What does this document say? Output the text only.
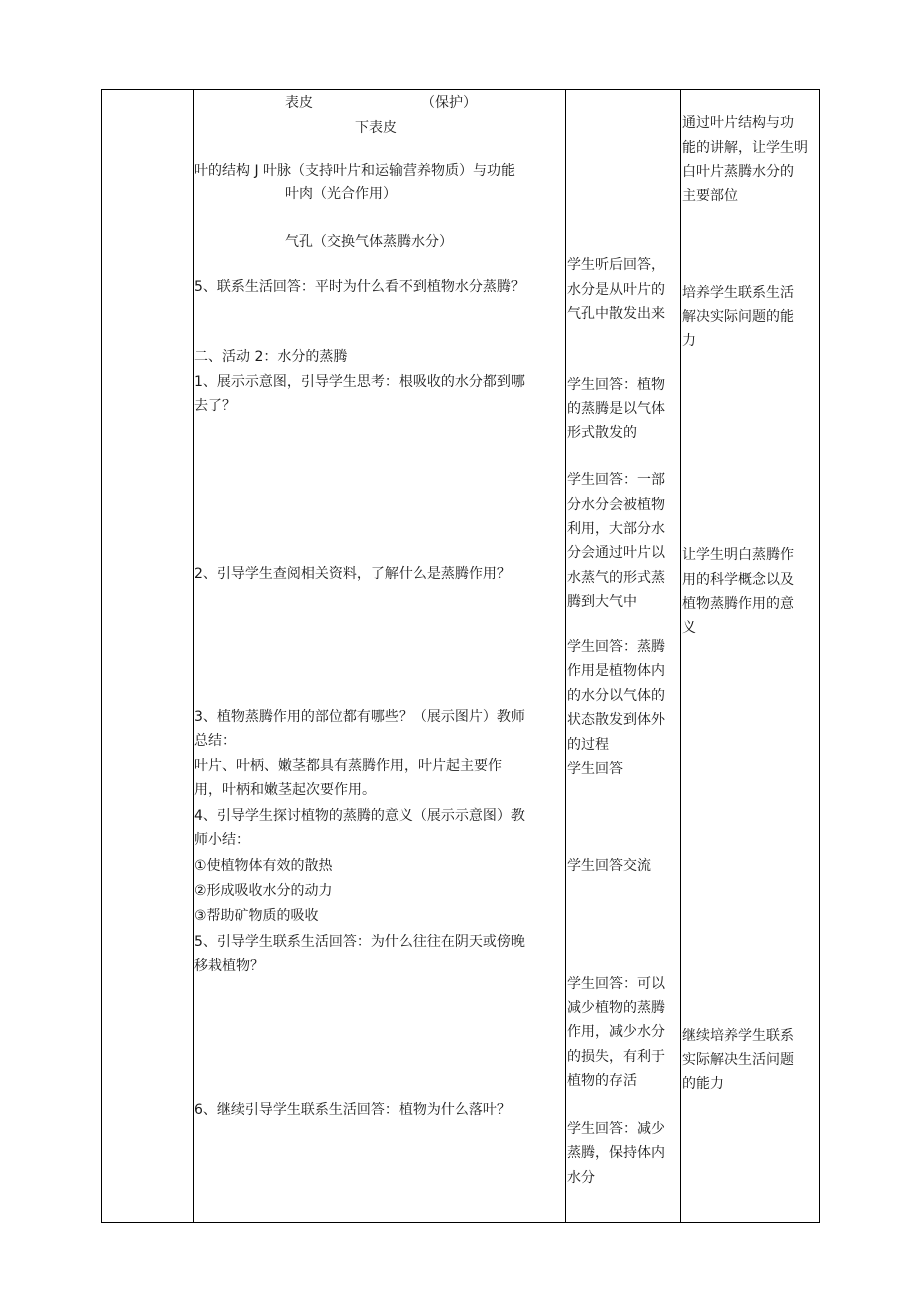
表皮	（保护）
下表皮
叶的结构 J 叶脉（支持叶片和运输营养物质）与功能
叶肉（光合作用）
气孔（交换气体蒸腾水分）
5、联系生活回答：平时为什么看不到植物水分蒸腾？
二、活动 2：水分的蒸腾
1、展示示意图，引导学生思考：根吸收的水分都到哪
去了？
2、引导学生查阅相关资料，了解什么是蒸腾作用？
3、植物蒸腾作用的部位都有哪些？（展示图片）教师
总结：
叶片、叶柄、嫩茎都具有蒸腾作用，叶片起主要作
用，叶柄和嫩茎起次要作用。
4、引导学生探讨植物的蒸腾的意义（展示示意图）教
师小结：
①使植物体有效的散热
②形成吸收水分的动力
③帮助矿物质的吸收
5、引导学生联系生活回答：为什么往往在阴天或傍晚
移栽植物？
6、继续引导学生联系生活回答：植物为什么落叶？
学生听后回答，
水分是从叶片的
气孔中散发出来
学生回答：植物
的蒸腾是以气体
形式散发的
学生回答：一部
分水分会被植物
利用，大部分水
分会通过叶片以
水蒸气的形式蒸
腾到大气中
学生回答：蒸腾
作用是植物体内
的水分以气体的
状态散发到体外
的过程
学生回答
学生回答交流
学生回答：可以
减少植物的蒸腾
作用，减少水分
的损失，有利于
植物的存活
学生回答：减少
蒸腾，保持体内
水分
通过叶片结构与功
能的讲解，让学生明
白叶片蒸腾水分的
主要部位
培养学生联系生活
解决实际问题的能
力
让学生明白蒸腾作
用的科学概念以及
植物蒸腾作用的意
义
继续培养学生联系
实际解决生活问题
的能力
